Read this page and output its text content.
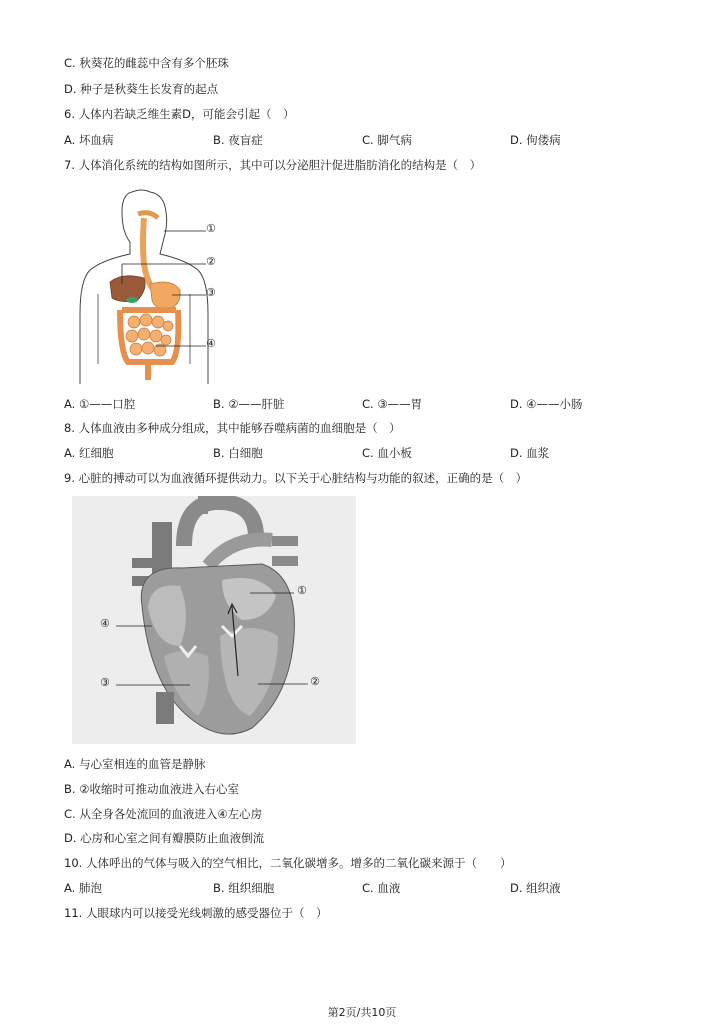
C. 秋葵花的雌蕊中含有多个胚珠
D. 种子是秋葵生长发育的起点
6. 人体内若缺乏维生素D，可能会引起（　）
A. 坏血病	B. 夜盲症	C. 脚气病	D. 佝偻病
7. 人体消化系统的结构如图所示，其中可以分泌胆汁促进脂肪消化的结构是（　）
①
②
③
④
A. ①——口腔	B. ②——肝脏	C. ③——胃	D. ④——小肠
8. 人体血液由多种成分组成，其中能够吞噬病菌的血细胞是（　）
A. 红细胞	B. 白细胞	C. 血小板	D. 血浆
9. 心脏的搏动可以为血液循环提供动力。以下关于心脏结构与功能的叙述，正确的是（　）
①
②
③
④
A. 与心室相连的血管是静脉
B. ②收缩时可推动血液进入右心室
C. 从全身各处流回的血液进入④左心房
D. 心房和心室之间有瓣膜防止血液倒流
10. 人体呼出的气体与吸入的空气相比，二氧化碳增多。增多的二氧化碳来源于（　　）
A. 肺泡	B. 组织细胞	C. 血液	D. 组织液
11. 人眼球内可以接受光线刺激的感受器位于（　）
第2页/共10页
